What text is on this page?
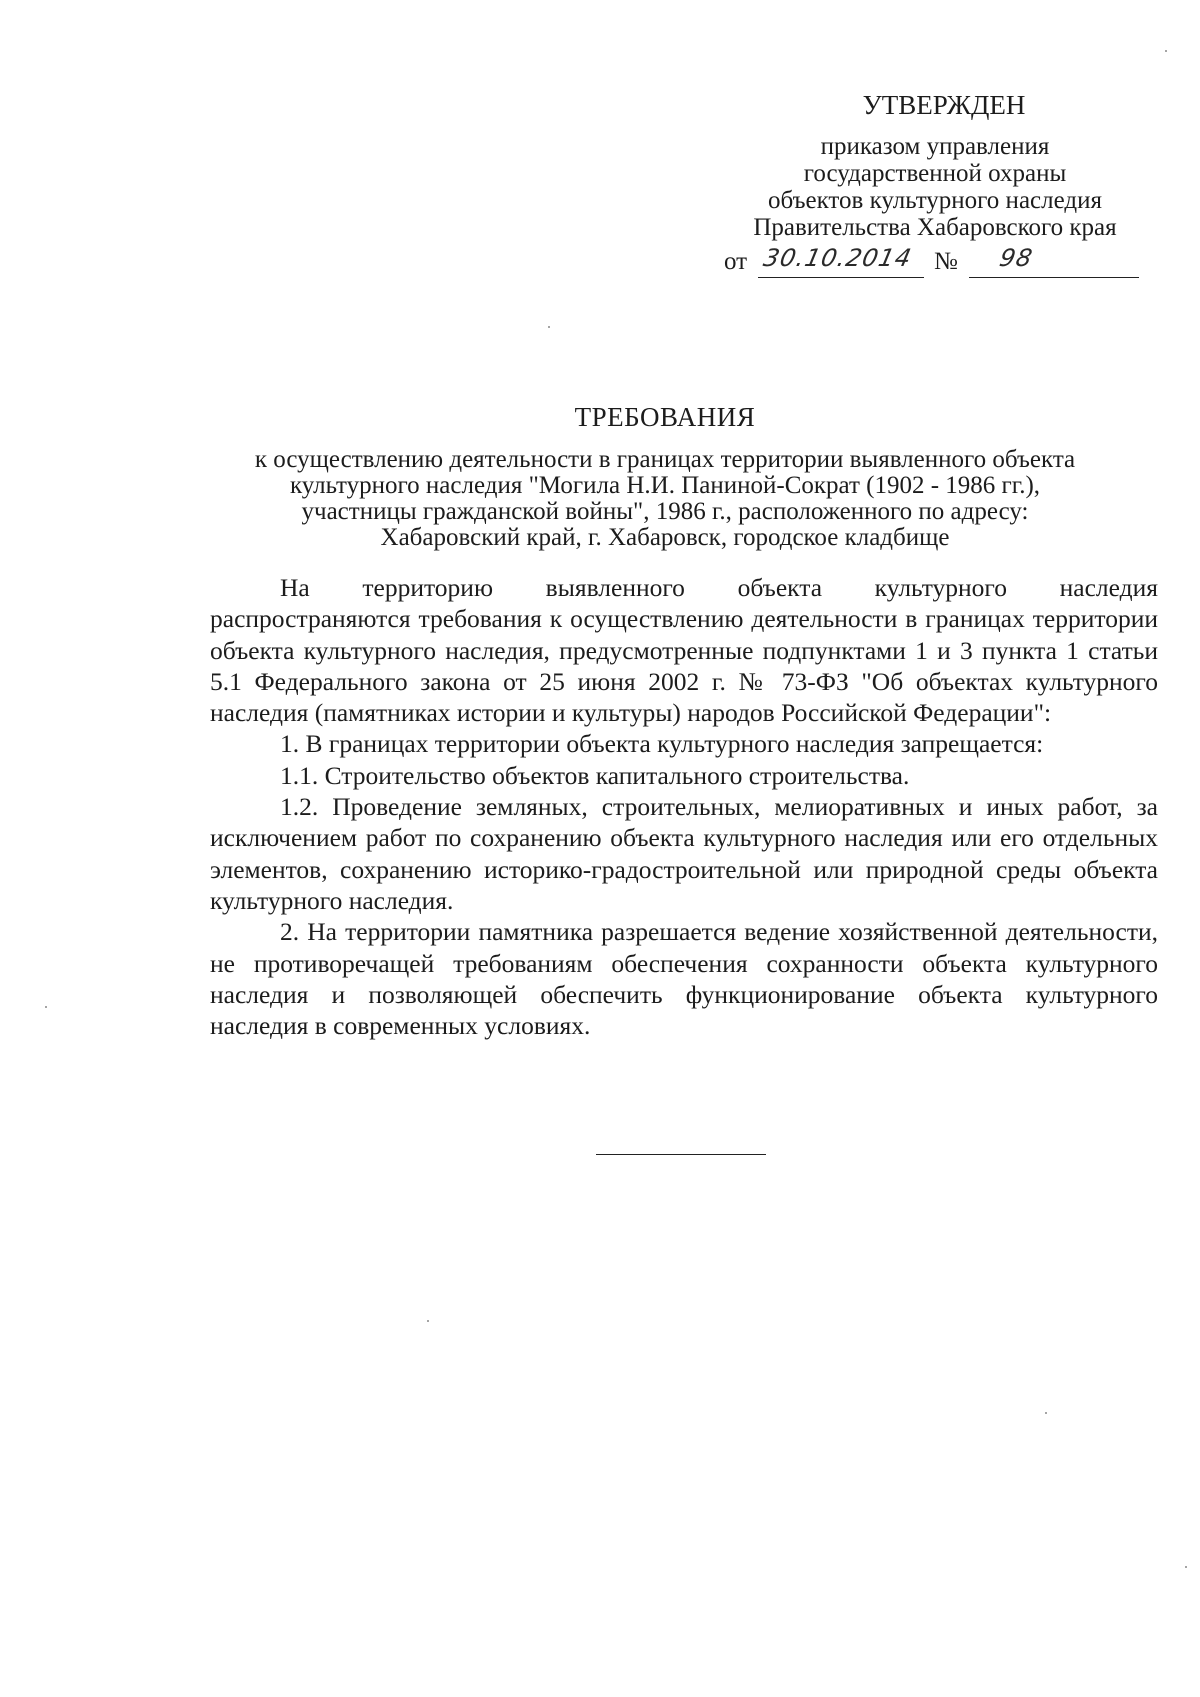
УТВЕРЖДЕН
приказом управления
государственной охраны
объектов культурного наследия
Правительства Хабаровского края
от 30.10.2014 № 98
ТРЕБОВАНИЯ
к осуществлению деятельности в границах территории выявленного объекта
культурного наследия "Могила Н.И. Паниной-Сократ (1902 - 1986 гг.),
участницы гражданской войны", 1986 г., расположенного по адресу:
Хабаровский край, г. Хабаровск, городское кладбище

На территорию выявленного объекта культурного наследия

распространяются требования к осуществлению деятельности в границах территории объекта культурного наследия, предусмотренные подпунктами 1 и 3 пункта 1 статьи 5.1 Федерального закона от 25 июня 2002 г. № 73-ФЗ "Об объектах культурного наследия (памятниках истории и культуры) народов Российской Федерации":

1. В границах территории объекта культурного наследия запрещается:

1.1. Строительство объектов капитального строительства.

1.2. Проведение земляных, строительных, мелиоративных и иных работ, за исключением работ по сохранению объекта культурного наследия или его отдельных элементов, сохранению историко-градостроительной или природной среды объекта культурного наследия.

2. На территории памятника разрешается ведение хозяйственной деятельности, не противоречащей требованиям обеспечения сохранности объекта культурного наследия и позволяющей обеспечить функционирование объекта культурного наследия в современных условиях.
